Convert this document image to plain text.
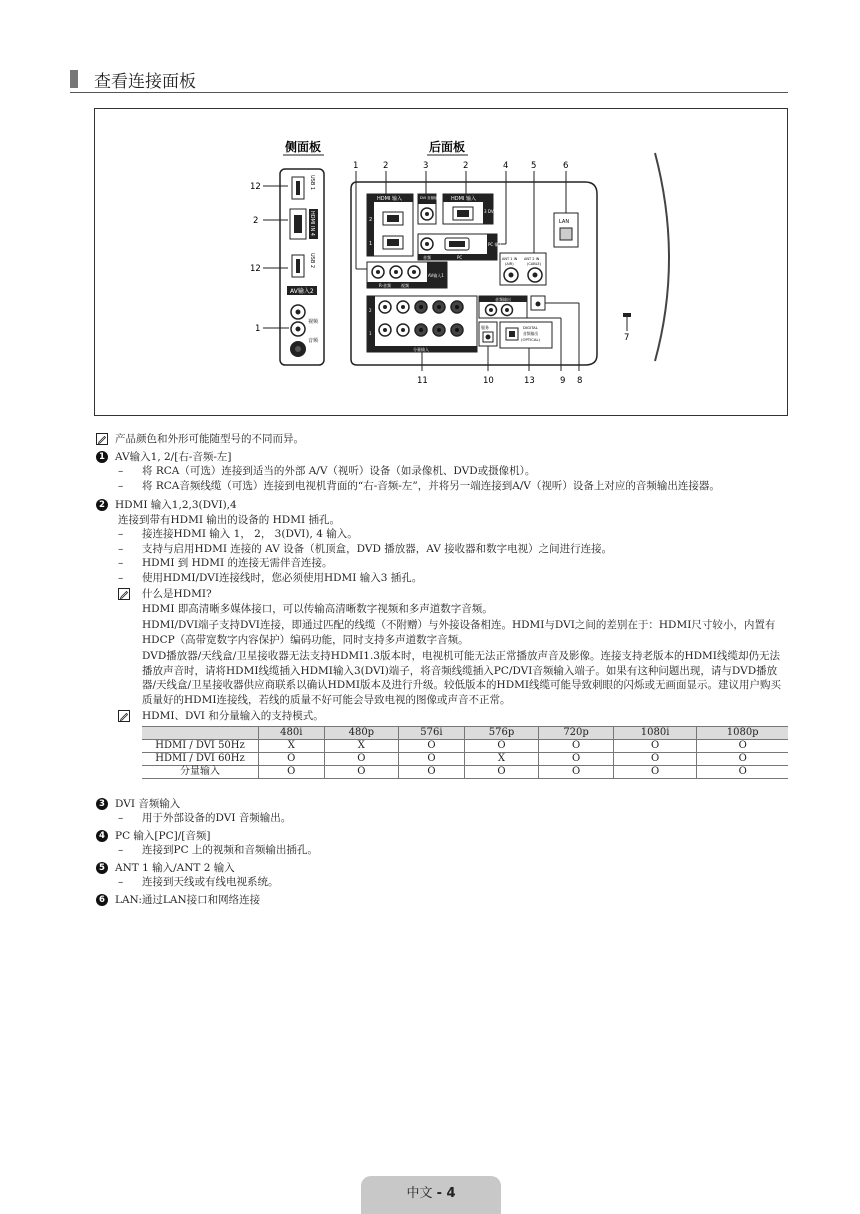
查看连接面板
侧面板	后面板
USB 1
HDMI IN 4
USB 2
AV输入2
视频
音频
12
2
12
1
1	2	3	2	4	5	6
HDMI 输入
2
1
DVI 音频输入 HDMI 输入
3 DVI
PC 输入
音频	PC
LAN
ANT 1 IN
(AIR)
ANT 2 IN
(CABLE)
AV输入1
R-音频 视频
2
1
分量输入
音频输出
服务	DIGITAL
音频输出
(OPTICAL)
11	10	13	9 8
7
产品颜色和外形可能随型号的不同而异。
1 AV输入1, 2/[右-音频-左]
– 将 RCA（可选）连接到适当的外部 A/V（视听）设备（如录像机、DVD或摄像机）。
– 将 RCA音频线缆（可选）连接到电视机背面的“右-音频-左”，并将另一端连接到A/V（视听）设备上对应的音频输出连接器。
2 HDMI 输入1,2,3(DVI),4
连接到带有HDMI 输出的设备的 HDMI 插孔。
– 接连接HDMI 输入 1， 2， 3(DVI), 4 输入。
– 支持与启用HDMI 连接的 AV 设备（机顶盒，DVD 播放器，AV 接收器和数字电视）之间进行连接。
– HDMI 到 HDMI 的连接无需伴音连接。
– 使用HDMI/DVI连接线时，您必须使用HDMI 输入3 插孔。
什么是HDMI?
HDMI 即高清晰多媒体接口，可以传输高清晰数字视频和多声道数字音频。
HDMI/DVI端子支持DVI连接，即通过匹配的线缆（不附赠）与外接设备相连。HDMI与DVI之间的差别在于：HDMI尺寸较小，内置有HDCP（高带宽数字内容保护）编码功能，同时支持多声道数字音频。
DVD播放器/天线盒/卫星接收器无法支持HDMI1.3版本时，电视机可能无法正常播放声音及影像。连接支持老版本的HDMI线缆却仍无法播放声音时，请将HDMI线缆插入HDMI输入3(DVI)端子，将音频线缆插入PC/DVI音频输入端子。如果有这种问题出现，请与DVD播放器/天线盒/卫星接收器供应商联系以确认HDMI版本及进行升级。较低版本的HDMI线缆可能导致刺眼的闪烁或无画面显示。建议用户购买质量好的HDMI连接线，若线的质量不好可能会导致电视的图像或声音不正常。
HDMI、DVI 和分量输入的支持模式。
	480i	480p	576i	576p	720p	1080i	1080p
HDMI / DVI 50Hz	X	X	O	O	O	O	O
HDMI / DVI 60Hz	O	O	O	X	O	O	O
分量输入	O	O	O	O	O	O	O
3 DVI 音频输入
– 用于外部设备的DVI 音频输出。
4 PC 输入[PC]/[音频]
– 连接到PC 上的视频和音频输出插孔。
5 ANT 1 输入/ANT 2 输入
– 连接到天线或有线电视系统。
6 LAN:通过LAN接口和网络连接
中文 - 4
